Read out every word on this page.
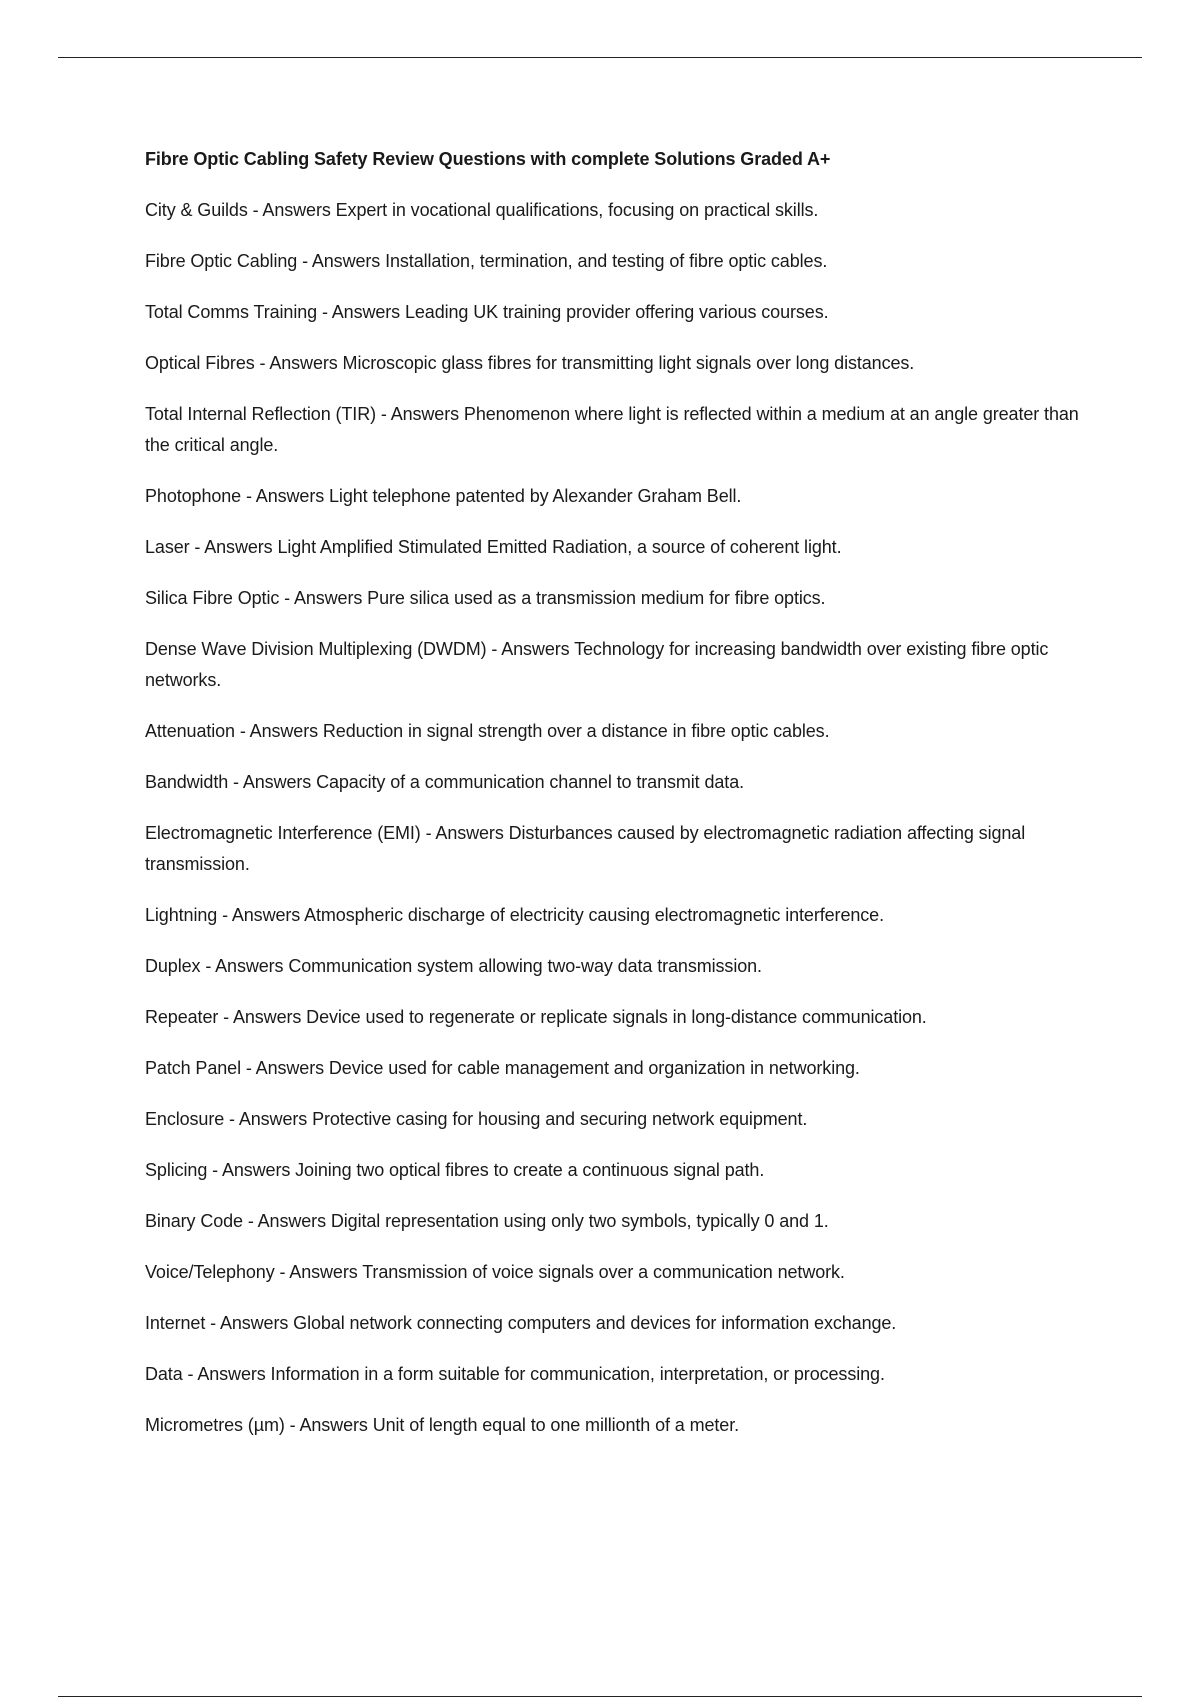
Fibre Optic Cabling Safety Review Questions with complete Solutions Graded A+
City & Guilds - Answers Expert in vocational qualifications, focusing on practical skills.
Fibre Optic Cabling - Answers Installation, termination, and testing of fibre optic cables.
Total Comms Training - Answers Leading UK training provider offering various courses.
Optical Fibres - Answers Microscopic glass fibres for transmitting light signals over long distances.
Total Internal Reflection (TIR) - Answers Phenomenon where light is reflected within a medium at an angle greater than the critical angle.
Photophone - Answers Light telephone patented by Alexander Graham Bell.
Laser - Answers Light Amplified Stimulated Emitted Radiation, a source of coherent light.
Silica Fibre Optic - Answers Pure silica used as a transmission medium for fibre optics.
Dense Wave Division Multiplexing (DWDM) - Answers Technology for increasing bandwidth over existing fibre optic networks.
Attenuation - Answers Reduction in signal strength over a distance in fibre optic cables.
Bandwidth - Answers Capacity of a communication channel to transmit data.
Electromagnetic Interference (EMI) - Answers Disturbances caused by electromagnetic radiation affecting signal transmission.
Lightning - Answers Atmospheric discharge of electricity causing electromagnetic interference.
Duplex - Answers Communication system allowing two-way data transmission.
Repeater - Answers Device used to regenerate or replicate signals in long-distance communication.
Patch Panel - Answers Device used for cable management and organization in networking.
Enclosure - Answers Protective casing for housing and securing network equipment.
Splicing - Answers Joining two optical fibres to create a continuous signal path.
Binary Code - Answers Digital representation using only two symbols, typically 0 and 1.
Voice/Telephony - Answers Transmission of voice signals over a communication network.
Internet - Answers Global network connecting computers and devices for information exchange.
Data - Answers Information in a form suitable for communication, interpretation, or processing.
Micrometres (µm) - Answers Unit of length equal to one millionth of a meter.
